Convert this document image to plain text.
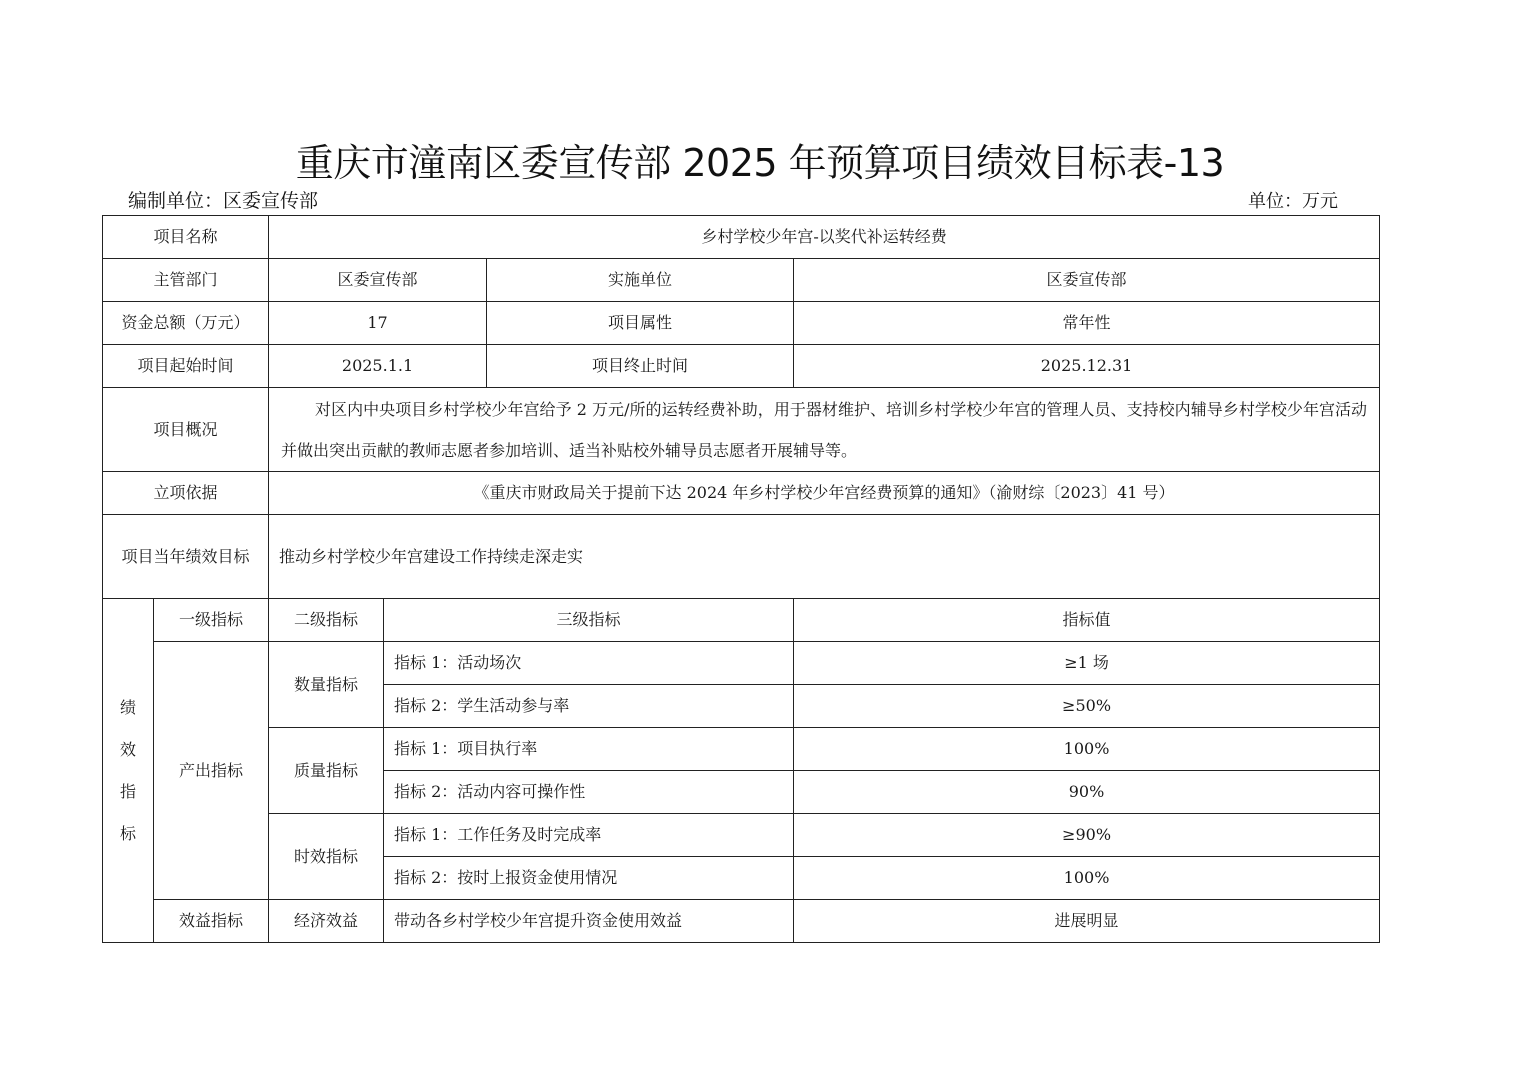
重庆市潼南区委宣传部 2025 年预算项目绩效目标表-13
编制单位：区委宣传部	单位：万元
项目名称		乡村学校少年宫-以奖代补运转经费			
主管部门		区委宣传部		实施单位	区委宣传部
资金总额（万元）		17		项目属性	常年性
项目起始时间		2025.1.1		项目终止时间	2025.12.31
项目概况		对区内中央项目乡村学校少年宫给予 2 万元/所的运转经费补助，用于器材维护、培训乡村学校少年宫的管理人员、支持校内辅导乡村学校少年宫活动并做出突出贡献的教师志愿者参加培训、适当补贴校外辅导员志愿者开展辅导等。			
立项依据		《重庆市财政局关于提前下达 2024 年乡村学校少年宫经费预算的通知》（渝财综〔2023〕41 号）			
项目当年绩效目标		推动乡村学校少年宫建设工作持续走深走实			

绩
效
指
标	一级指标	二级指标	三级指标		指标值
	产出指标	数量指标	指标 1：活动场次		≥1 场
			指标 2：学生活动参与率		≥50%
		质量指标	指标 1：项目执行率		100%
			指标 2：活动内容可操作性		90%
		时效指标	指标 1：工作任务及时完成率		≥90%
			指标 2：按时上报资金使用情况		100%
	效益指标	经济效益	带动各乡村学校少年宫提升资金使用效益		进展明显
